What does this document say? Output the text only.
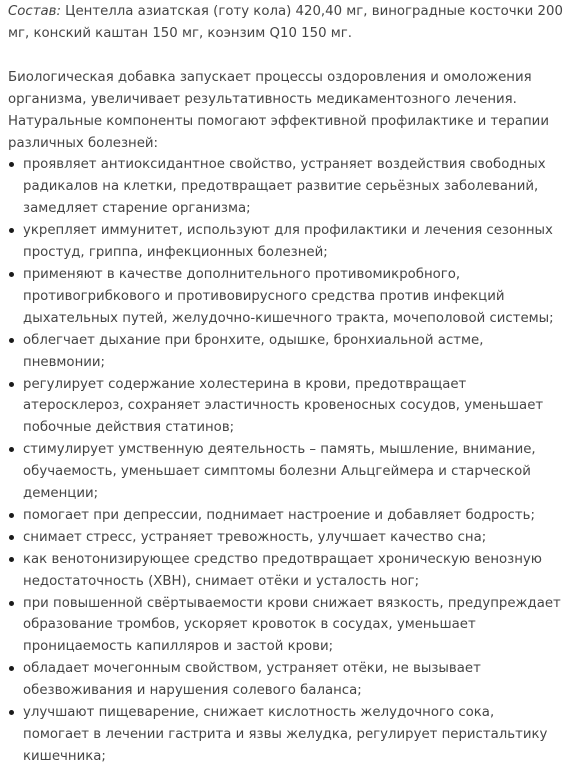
Состав: Центелла азиатская (готу кола) 420,40 мг, виноградные косточки 200 мг, конский каштан 150 мг, коэнзим Q10 150 мг.

Биологическая добавка запускает процессы оздоровления и омоложения организма, увеличивает результативность медикаментозного лечения. Натуральные компоненты помогают эффективной профилактике и терапии различных болезней:

проявляет антиоксидантное свойство, устраняет воздействия свободных радикалов на клетки, предотвращает развитие серьёзных заболеваний, замедляет старение организма;
укрепляет иммунитет, используют для профилактики и лечения сезонных простуд, гриппа, инфекционных болезней;
применяют в качестве дополнительного противомикробного, противогрибкового и противовирусного средства против инфекций дыхательных путей, желудочно-кишечного тракта, мочеполовой системы;
облегчает дыхание при бронхите, одышке, бронхиальной астме, пневмонии;
регулирует содержание холестерина в крови, предотвращает атеросклероз, сохраняет эластичность кровеносных сосудов, уменьшает побочные действия статинов;
стимулирует умственную деятельность – память, мышление, внимание, обучаемость, уменьшает симптомы болезни Альцгеймера и старческой деменции;
помогает при депрессии, поднимает настроение и добавляет бодрость;
снимает стресс, устраняет тревожность, улучшает качество сна;
как венотонизирующее средство предотвращает хроническую венозную недостаточность (ХВН), снимает отёки и усталость ног;
при повышенной свёртываемости крови снижает вязкость, предупреждает образование тромбов, ускоряет кровоток в сосудах, уменьшает проницаемость капилляров и застой крови;
обладает мочегонным свойством, устраняет отёки, не вызывает обезвоживания и нарушения солевого баланса;
улучшают пищеварение, снижает кислотность желудочного сока, помогает в лечении гастрита и язвы желудка, регулирует перистальтику кишечника;
